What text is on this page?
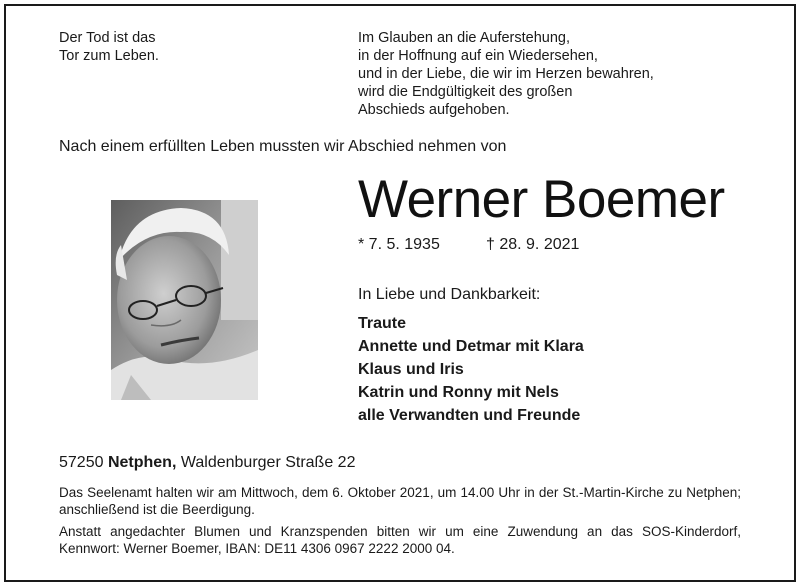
Der Tod ist das
Tor zum Leben.
Im Glauben an die Auferstehung,
in der Hoffnung auf ein Wiedersehen,
und in der Liebe, die wir im Herzen bewahren,
wird die Endgültigkeit des großen
Abschieds aufgehoben.
Nach einem erfüllten Leben mussten wir Abschied nehmen von
Werner Boemer
* 7. 5. 1935	† 28. 9. 2021
In Liebe und Dankbarkeit:
Traute
Annette und Detmar mit Klara
Klaus und Iris
Katrin und Ronny mit Nels
alle Verwandten und Freunde
57250 Netphen, Waldenburger Straße 22

Das Seelenamt halten wir am Mittwoch, dem 6. Oktober 2021, um 14.00 Uhr in der St.-Martin-Kirche zu Netphen; anschließend ist die Beerdigung.

Anstatt angedachter Blumen und Kranzspenden bitten wir um eine Zuwendung an das SOS-Kinderdorf, Kennwort: Werner Boemer, IBAN: DE11 4306 0967 2222 2000 04.
